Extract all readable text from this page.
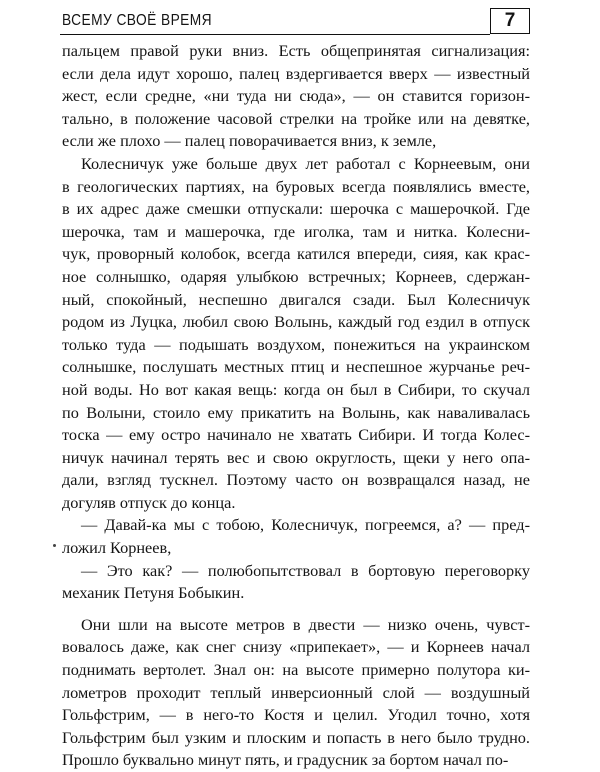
ВСЕМУ СВОЁ ВРЕМЯ	7

пальцем правой руки вниз. Есть общепринятая сигнализация:
если дела идут хорошо, палец вздергивается вверх — известный
жест, если средне, «ни туда ни сюда», — он ставится горизон-
тально, в положение часовой стрелки на тройке или на девятке,
если же плохо — палец поворачивается вниз, к земле,

Колесничук уже больше двух лет работал с Корнеевым, они
в геологических партиях, на буровых всегда появлялись вместе,
в их адрес даже смешки отпускали: шерочка с машерочкой. Где
шерочка, там и машерочка, где иголка, там и нитка. Колесни-
чук, проворный колобок, всегда катился впереди, сияя, как крас-
ное солнышко, одаряя улыбкою встречных; Корнеев, сдержан-
ный, спокойный, неспешно двигался сзади. Был Колесничук
родом из Луцка, любил свою Волынь, каждый год ездил в отпуск
только туда — подышать воздухом, понежиться на украинском
солнышке, послушать местных птиц и неспешное журчанье реч-
ной воды. Но вот какая вещь: когда он был в Сибири, то скучал
по Волыни, стоило ему прикатить на Волынь, как наваливалась
тоска — ему остро начинало не хватать Сибири. И тогда Колес-
ничук начинал терять вес и свою округлость, щеки у него опа-
дали, взгляд тускнел. Поэтому часто он возвращался назад, не
догуляв отпуск до конца.

— Давай-ка мы с тобою, Колесничук, погреемся, а? — пред-
ложил Корнеев,

— Это как? — полюбопытствовал в бортовую переговорку
механик Петуня Бобыкин.

Они шли на высоте метров в двести — низко очень, чувст-
вовалось даже, как снег снизу «припекает», — и Корнеев начал
поднимать вертолет. Знал он: на высоте примерно полутора ки-
лометров проходит теплый инверсионный слой — воздушный
Гольфстрим, — в него-то Костя и целил. Угодил точно, хотя
Гольфстрим был узким и плоским и попасть в него было трудно.
Прошло буквально минут пять, и градусник за бортом начал по-
